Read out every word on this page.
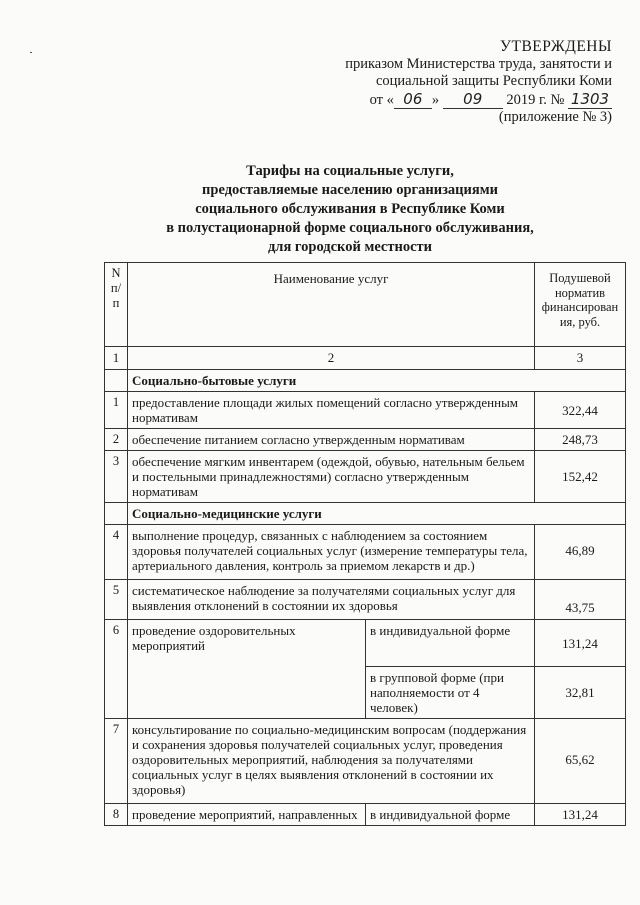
УТВЕРЖДЕНЫ
приказом Министерства труда, занятости и
социальной защиты Республики Коми
от « 06 » 09 2019 г. № 1303
(приложение № 3)
Тарифы на социальные услуги,
предоставляемые населению организациями
социального обслуживания в Республике Коми
в полустационарной форме социального обслуживания,
для городской местности
N п/п	Наименование услуг		Подушевой норматив финансирован ия, руб.
1	2		3
	Социально-бытовые услуги		
1	предоставление площади жилых помещений согласно утвержденным нормативам		322,44
2	обеспечение питанием согласно утвержденным нормативам		248,73
3	обеспечение мягким инвентарем (одеждой, обувью, нательным бельем и постельными принадлежностями) согласно утвержденным нормативам		152,42
	Социально-медицинские услуги		
4	выполнение процедур, связанных с наблюдением за состоянием здоровья получателей социальных услуг (измерение температуры тела, артериального давления, контроль за приемом лекарств и др.)		46,89
5	систематическое наблюдение за получателями социальных услуг для выявления отклонений в состоянии их здоровья		43,75
6	проведение оздоровительных мероприятий	в индивидуальной форме	131,24
		в групповой форме (при наполняемости от 4 человек)	32,81
7	консультирование по социально-медицинским вопросам (поддержания и сохранения здоровья получателей социальных услуг, проведения оздоровительных мероприятий, наблюдения за получателями социальных услуг в целях выявления отклонений в состоянии их здоровья)		65,62
8	проведение мероприятий, направленных	в индивидуальной форме	131,24
